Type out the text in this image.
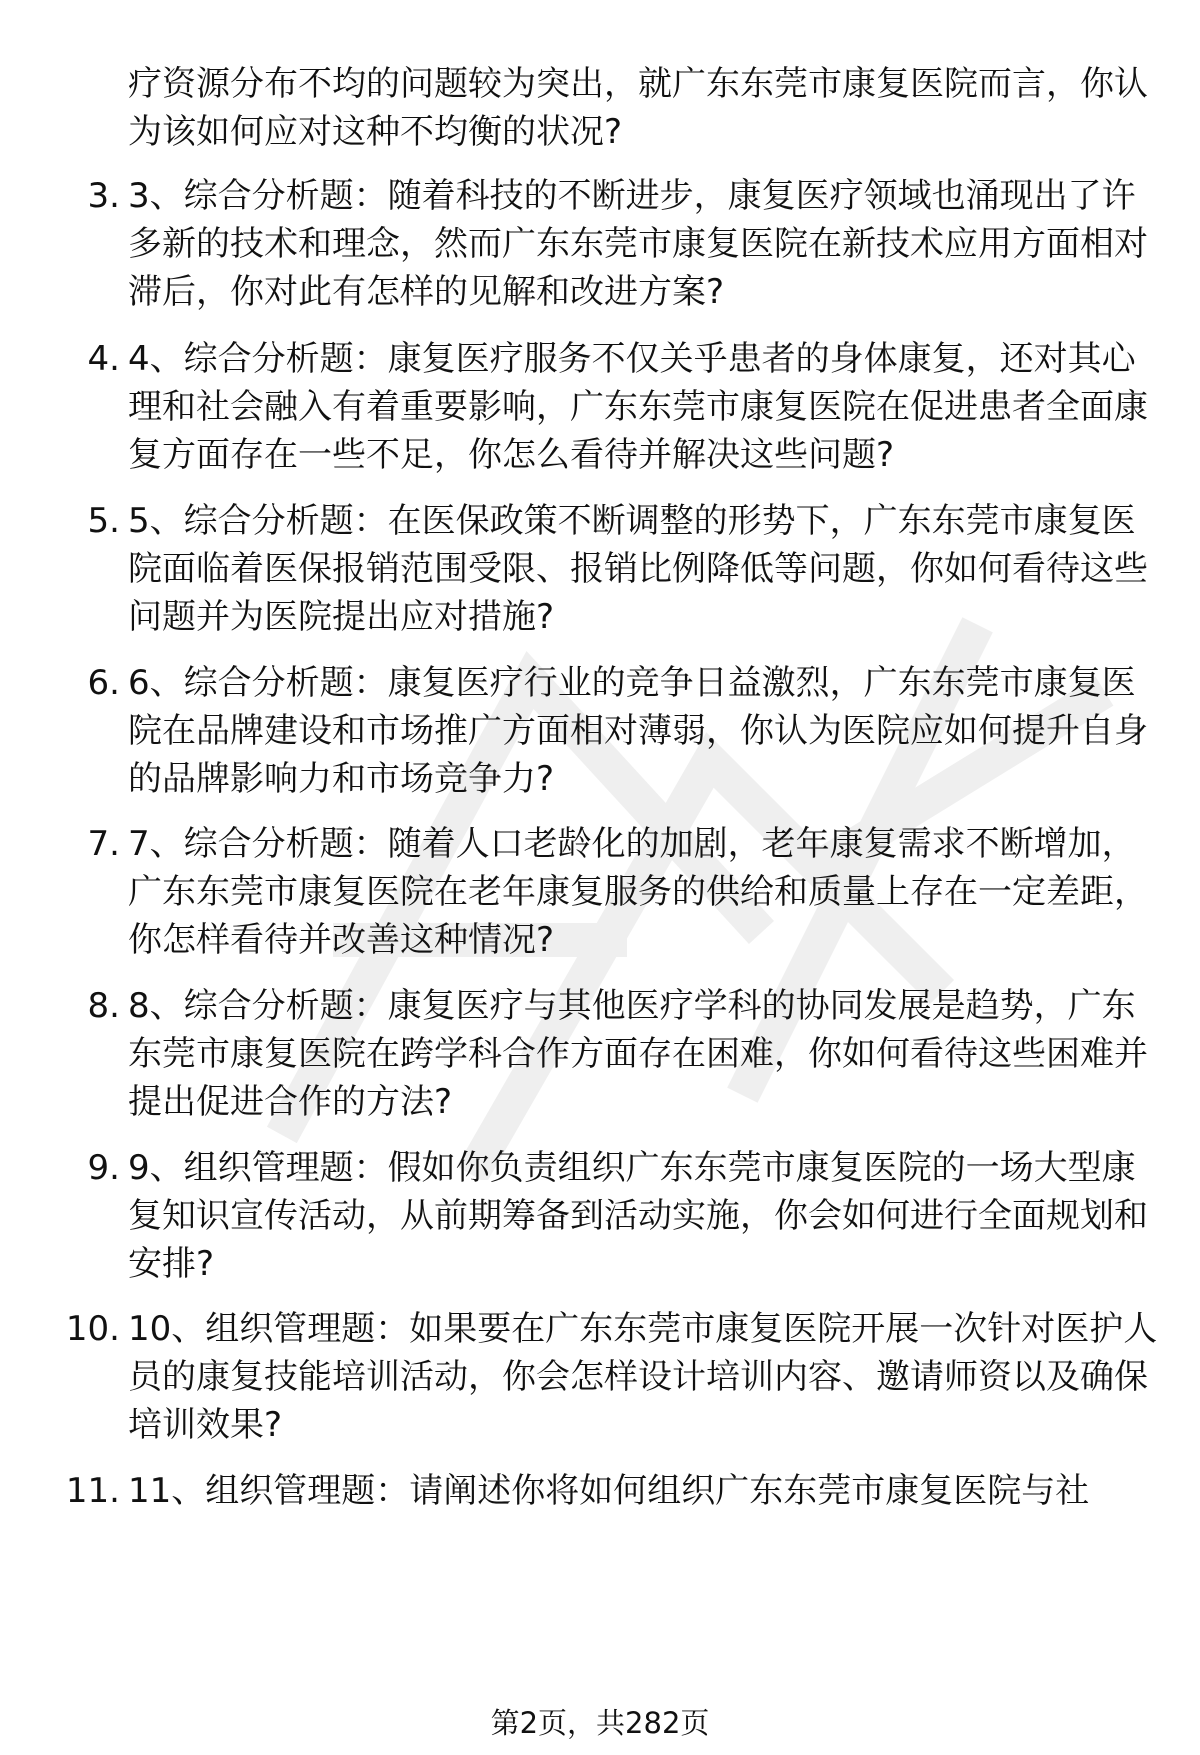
疗资源分布不均的问题较为突出，就广东东莞市康复医院而言，你认为该如何应对这种不均衡的状况?
3. 3、综合分析题：随着科技的不断进步，康复医疗领域也涌现出了许多新的技术和理念，然而广东东莞市康复医院在新技术应用方面相对滞后，你对此有怎样的见解和改进方案?
4. 4、综合分析题：康复医疗服务不仅关乎患者的身体康复，还对其心理和社会融入有着重要影响，广东东莞市康复医院在促进患者全面康复方面存在一些不足，你怎么看待并解决这些问题?
5. 5、综合分析题：在医保政策不断调整的形势下，广东东莞市康复医院面临着医保报销范围受限、报销比例降低等问题，你如何看待这些问题并为医院提出应对措施?
6. 6、综合分析题：康复医疗行业的竞争日益激烈，广东东莞市康复医院在品牌建设和市场推广方面相对薄弱，你认为医院应如何提升自身的品牌影响力和市场竞争力?
7. 7、综合分析题：随着人口老龄化的加剧，老年康复需求不断增加，广东东莞市康复医院在老年康复服务的供给和质量上存在一定差距，你怎样看待并改善这种情况?
8. 8、综合分析题：康复医疗与其他医疗学科的协同发展是趋势，广东东莞市康复医院在跨学科合作方面存在困难，你如何看待这些困难并提出促进合作的方法?
9. 9、组织管理题：假如你负责组织广东东莞市康复医院的一场大型康复知识宣传活动，从前期筹备到活动实施，你会如何进行全面规划和安排?
10. 10、组织管理题：如果要在广东东莞市康复医院开展一次针对医护人员的康复技能培训活动，你会怎样设计培训内容、邀请师资以及确保培训效果?
11. 11、组织管理题：请阐述你将如何组织广东东莞市康复医院与社
第2页，共282页
